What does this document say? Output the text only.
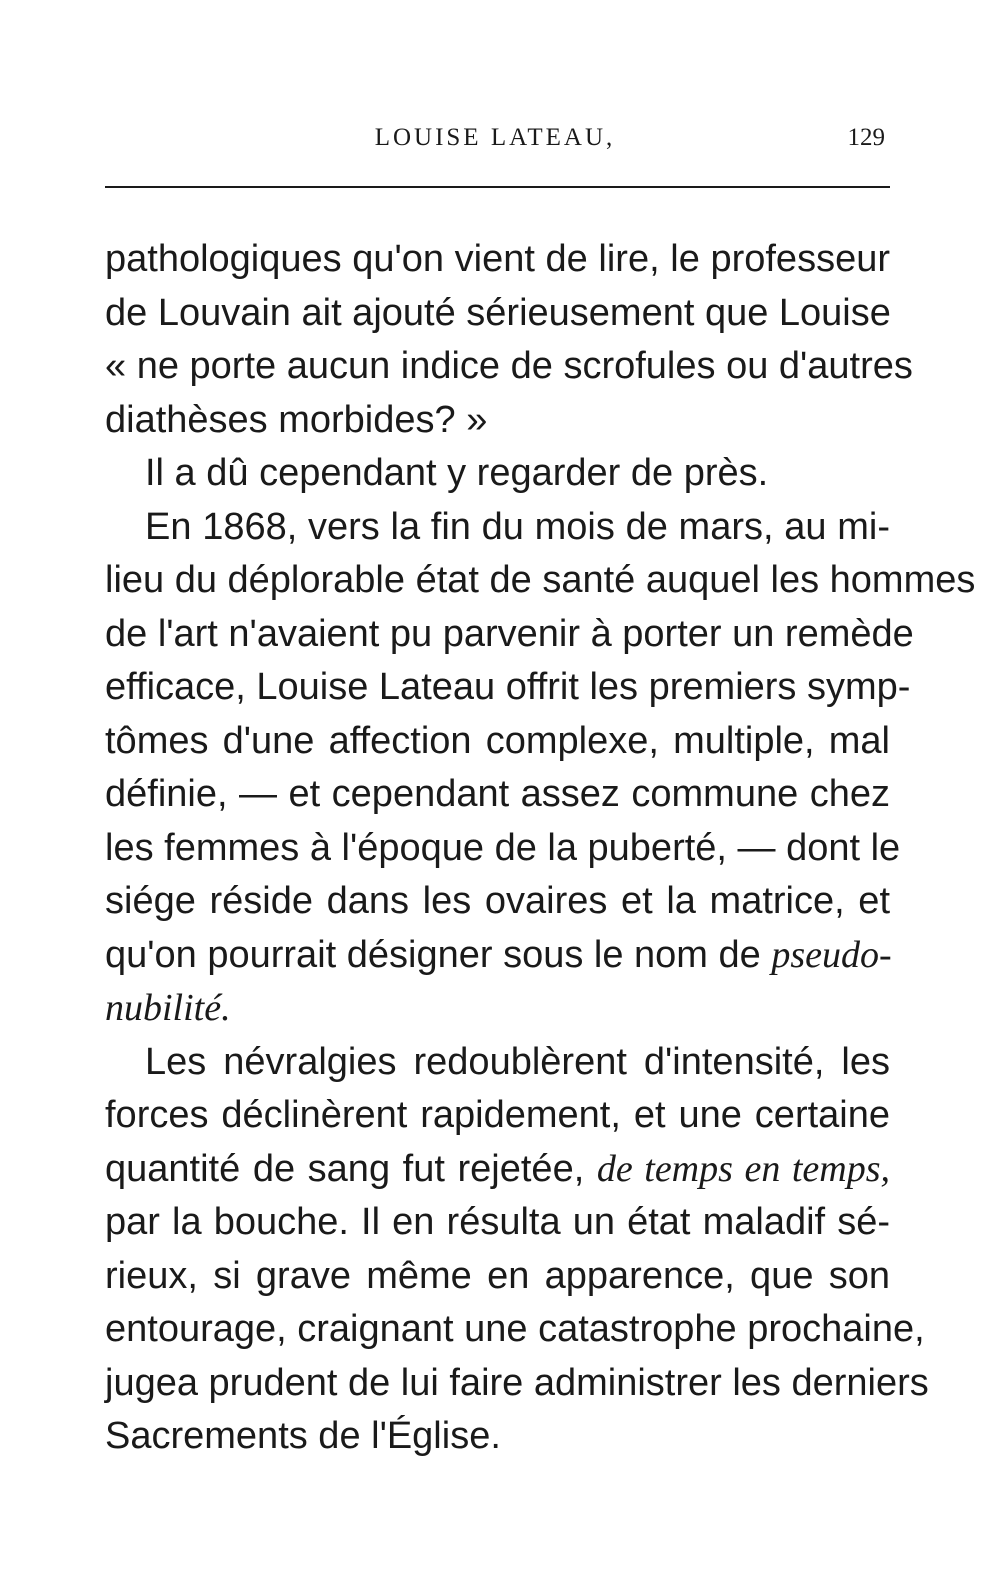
LOUISE LATEAU,	129
pathologiques qu'on vient de lire, le professeur
de Louvain ait ajouté sérieusement que Louise
« ne porte aucun indice de scrofules ou d'autres
diathèses morbides? »
Il a dû cependant y regarder de près.
En 1868, vers la fin du mois de mars, au mi-
lieu du déplorable état de santé auquel les hommes
de l'art n'avaient pu parvenir à porter un remède
efficace, Louise Lateau offrit les premiers symp-
tômes d'une affection complexe, multiple, mal
définie, — et cependant assez commune chez
les femmes à l'époque de la puberté, — dont le
siége réside dans les ovaires et la matrice, et
qu'on pourrait désigner sous le nom de pseudo-
nubilité.
Les névralgies redoublèrent d'intensité, les
forces déclinèrent rapidement, et une certaine
quantité de sang fut rejetée, de temps en temps,
par la bouche. Il en résulta un état maladif sé-
rieux, si grave même en apparence, que son
entourage, craignant une catastrophe prochaine,
jugea prudent de lui faire administrer les derniers
Sacrements de l'Église.
